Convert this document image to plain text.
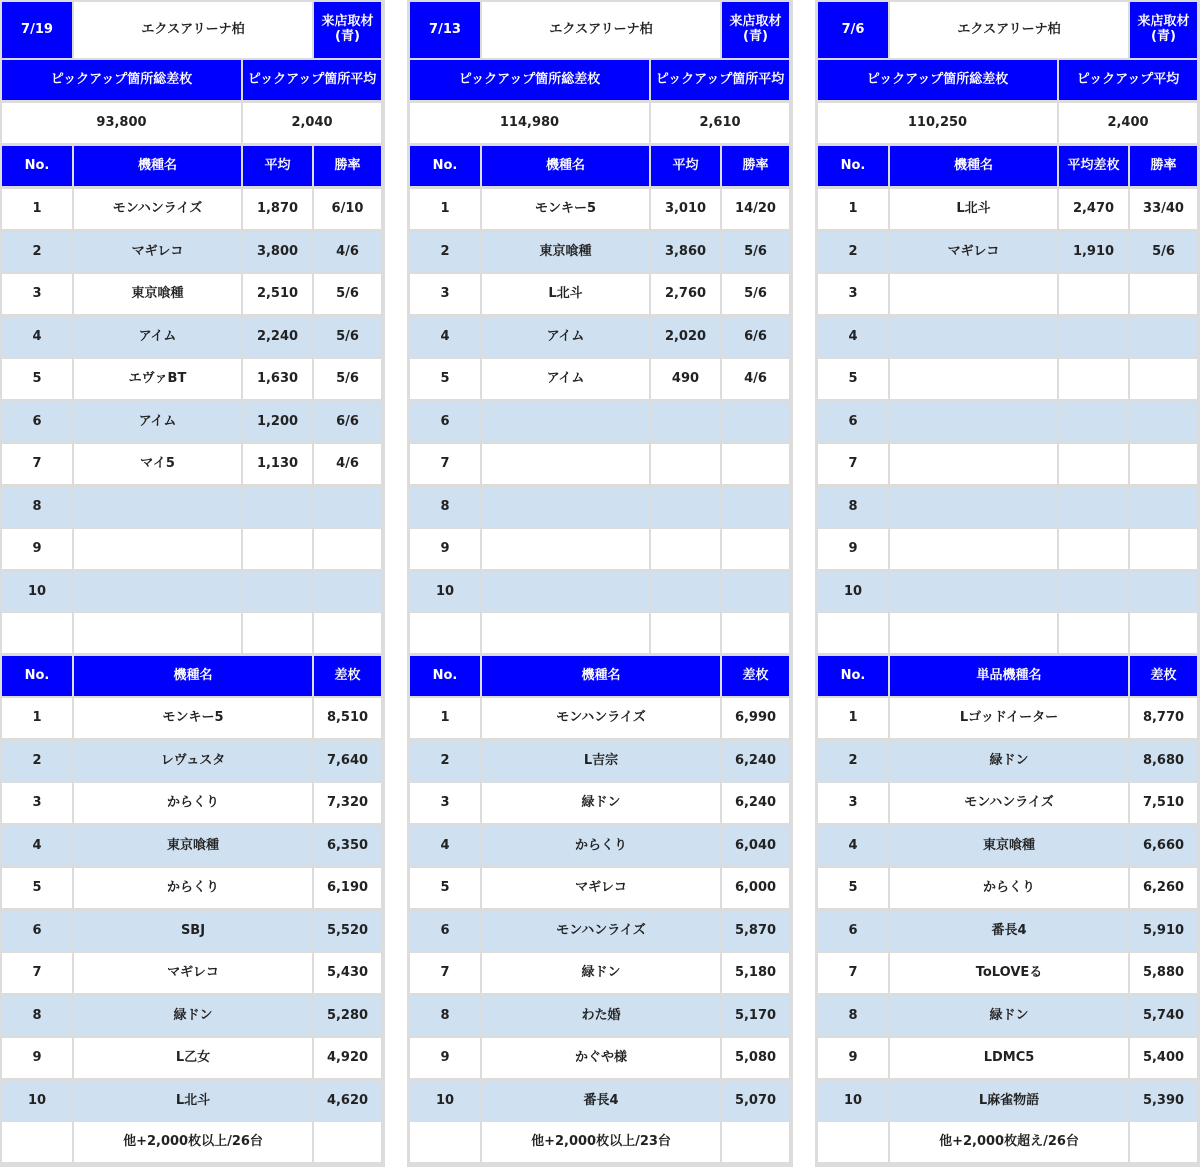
7/19	エクスアリーナ柏	来店取材(青)
ピックアップ箇所総差枚	ピックアップ箇所平均
93,800	2,040
No.	機種名	平均	勝率
1	モンハンライズ	1,870	6/10
2	マギレコ	3,800	4/6
3	東京喰種	2,510	5/6
4	アイム	2,240	5/6
5	エヴァBT	1,630	5/6
6	アイム	1,200	6/6
7	マイ5	1,130	4/6
8
9
10
No.	機種名	差枚
1	モンキー5	8,510
2	レヴュスタ	7,640
3	からくり	7,320
4	東京喰種	6,350
5	からくり	6,190
6	SBJ	5,520
7	マギレコ	5,430
8	緑ドン	5,280
9	L乙女	4,920
10	L北斗	4,620
他+2,000枚以上/26台
7/13	エクスアリーナ柏	来店取材(青)
ピックアップ箇所総差枚	ピックアップ箇所平均
114,980	2,610
No.	機種名	平均	勝率
1	モンキー5	3,010	14/20
2	東京喰種	3,860	5/6
3	L北斗	2,760	5/6
4	アイム	2,020	6/6
5	アイム	490	4/6
6
7
8
9
10
No.	機種名	差枚
1	モンハンライズ	6,990
2	L吉宗	6,240
3	緑ドン	6,240
4	からくり	6,040
5	マギレコ	6,000
6	モンハンライズ	5,870
7	緑ドン	5,180
8	わた婚	5,170
9	かぐや様	5,080
10	番長4	5,070
他+2,000枚以上/23台
7/6	エクスアリーナ柏	来店取材(青)
ピックアップ箇所総差枚	ピックアップ平均
110,250	2,400
No.	機種名	平均差枚	勝率
1	L北斗	2,470	33/40
2	マギレコ	1,910	5/6
3
4
5
6
7
8
9
10
No.	単品機種名	差枚
1	Lゴッドイーター	8,770
2	緑ドン	8,680
3	モンハンライズ	7,510
4	東京喰種	6,660
5	からくり	6,260
6	番長4	5,910
7	ToLOVEる	5,880
8	緑ドン	5,740
9	LDMC5	5,400
10	L麻雀物語	5,390
他+2,000枚超え/26台
